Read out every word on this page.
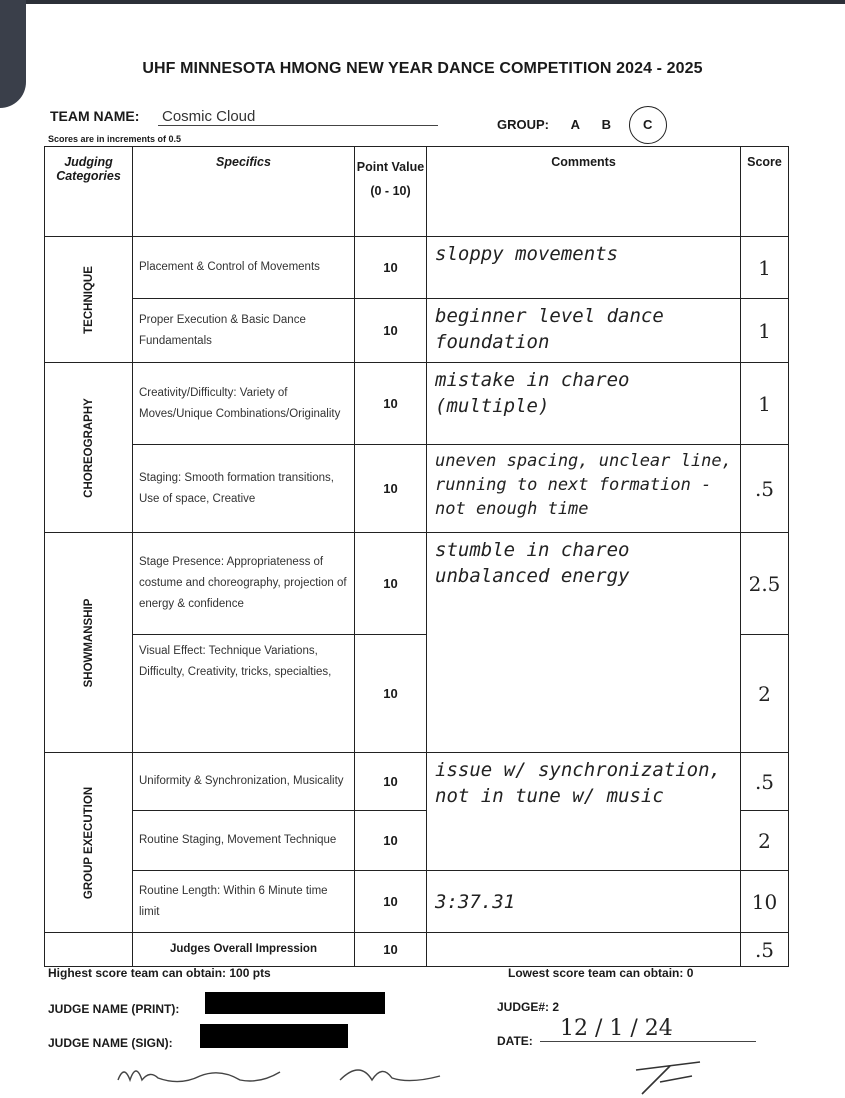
UHF MINNESOTA HMONG NEW YEAR DANCE COMPETITION 2024 - 2025
TEAM NAME: Cosmic Cloud	GROUP: A B C
Scores are in increments of 0.5
Judging Categories	Specifics	Point Value (0 - 10)	Comments	Score

TECHNIQUE	Placement & Control of Movements	10	sloppy movements	1
	Proper Execution & Basic Dance Fundamentals	10	beginner level dance foundation	1

CHOREOGRAPHY	Creativity/Difficulty: Variety of Moves/Unique Combinations/Originality	10	mistake in chareo (multiple)	1
	Staging: Smooth formation transitions, Use of space, Creative	10	uneven spacing, unclear line, running to next formation - not enough time	.5

SHOWMANSHIP	Stage Presence: Appropriateness of costume and choreography, projection of energy & confidence	10	stumble in chareo unbalanced energy	2.5
	Visual Effect: Technique Variations, Difficulty, Creativity, tricks, specialties,	10		2

GROUP EXECUTION	Uniformity & Synchronization, Musicality	10	issue w/ synchronization, not in tune w/ music	.5
	Routine Staging, Movement Technique	10		2
	Routine Length: Within 6 Minute time limit	10	3:37.31	10
	Judges Overall Impression	10		.5
Highest score team can obtain: 100 pts	Lowest score team can obtain: 0
JUDGE NAME (PRINT):
JUDGE NAME (SIGN):
JUDGE#: 2
DATE:	12 / 1 / 24
